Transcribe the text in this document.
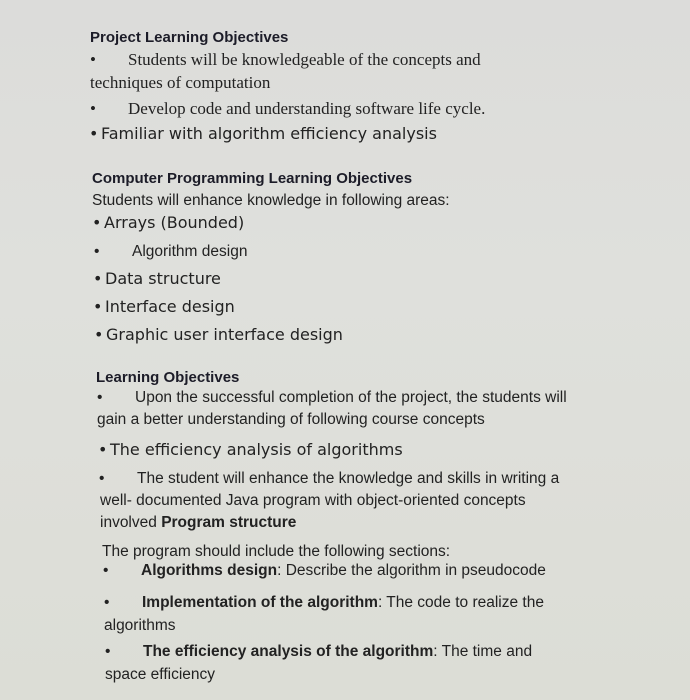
Project Learning Objectives
• Students will be knowledgeable of the concepts and
techniques of computation
• Develop code and understanding software life cycle.
• Familiar with algorithm efficiency analysis
Computer Programming Learning Objectives
Students will enhance knowledge in following areas:
• Arrays (Bounded)
• Algorithm design
• Data structure
• Interface design
• Graphic user interface design
Learning Objectives
• Upon the successful completion of the project, the students will
gain a better understanding of following course concepts
• The efficiency analysis of algorithms
• The student will enhance the knowledge and skills in writing a
well- documented Java program with object-oriented concepts
involved Program structure
The program should include the following sections:
• Algorithms design: Describe the algorithm in pseudocode
• Implementation of the algorithm: The code to realize the
algorithms
• The efficiency analysis of the algorithm: The time and
space efficiency
